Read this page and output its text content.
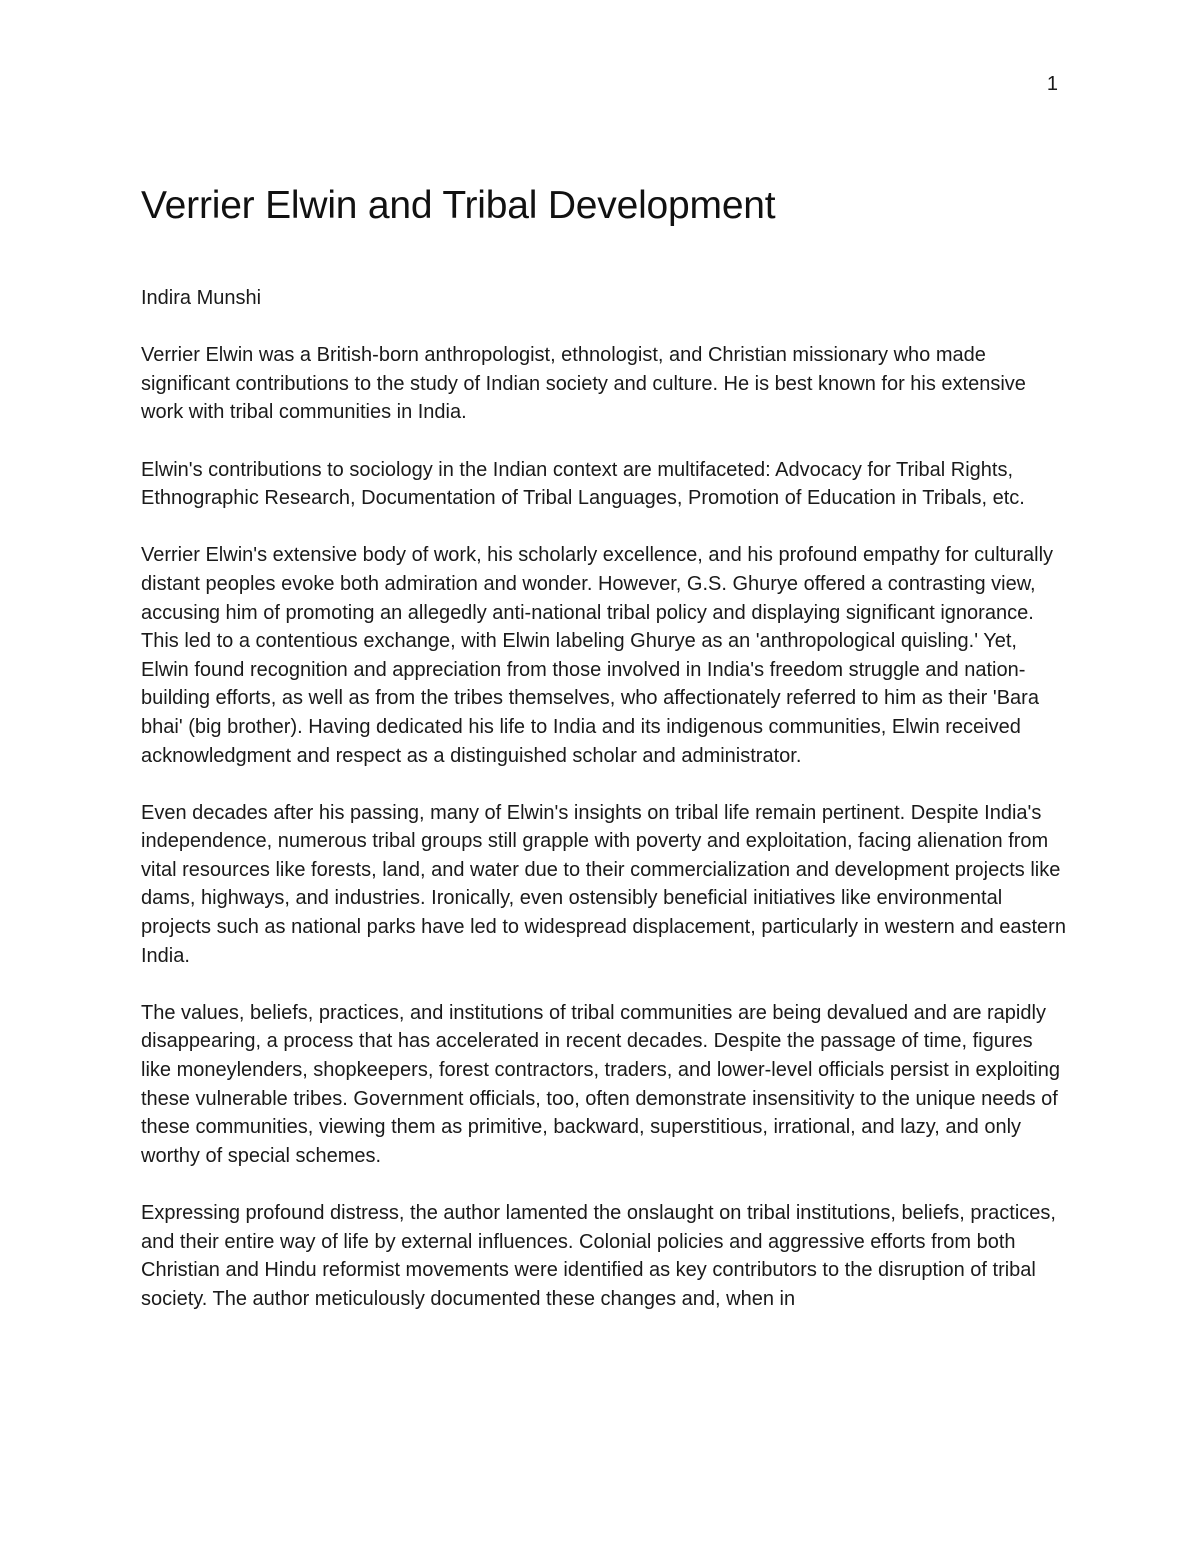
1
Verrier Elwin and Tribal Development

Indira Munshi

Verrier Elwin was a British-born anthropologist, ethnologist, and Christian missionary who made significant contributions to the study of Indian society and culture. He is best known for his extensive work with tribal communities in India.

Elwin's contributions to sociology in the Indian context are multifaceted: Advocacy for Tribal Rights, Ethnographic Research, Documentation of Tribal Languages, Promotion of Education in Tribals, etc.

Verrier Elwin's extensive body of work, his scholarly excellence, and his profound empathy for culturally distant peoples evoke both admiration and wonder. However, G.S. Ghurye offered a contrasting view, accusing him of promoting an allegedly anti-national tribal policy and displaying significant ignorance. This led to a contentious exchange, with Elwin labeling Ghurye as an 'anthropological quisling.' Yet, Elwin found recognition and appreciation from those involved in India's freedom struggle and nation-building efforts, as well as from the tribes themselves, who affectionately referred to him as their 'Bara bhai' (big brother). Having dedicated his life to India and its indigenous communities, Elwin received acknowledgment and respect as a distinguished scholar and administrator.

Even decades after his passing, many of Elwin's insights on tribal life remain pertinent. Despite India's independence, numerous tribal groups still grapple with poverty and exploitation, facing alienation from vital resources like forests, land, and water due to their commercialization and development projects like dams, highways, and industries. Ironically, even ostensibly beneficial initiatives like environmental projects such as national parks have led to widespread displacement, particularly in western and eastern India.

The values, beliefs, practices, and institutions of tribal communities are being devalued and are rapidly disappearing, a process that has accelerated in recent decades. Despite the passage of time, figures like moneylenders, shopkeepers, forest contractors, traders, and lower-level officials persist in exploiting these vulnerable tribes. Government officials, too, often demonstrate insensitivity to the unique needs of these communities, viewing them as primitive, backward, superstitious, irrational, and lazy, and only worthy of special schemes.

Expressing profound distress, the author lamented the onslaught on tribal institutions, beliefs, practices, and their entire way of life by external influences. Colonial policies and aggressive efforts from both Christian and Hindu reformist movements were identified as key contributors to the disruption of tribal society. The author meticulously documented these changes and, when in
